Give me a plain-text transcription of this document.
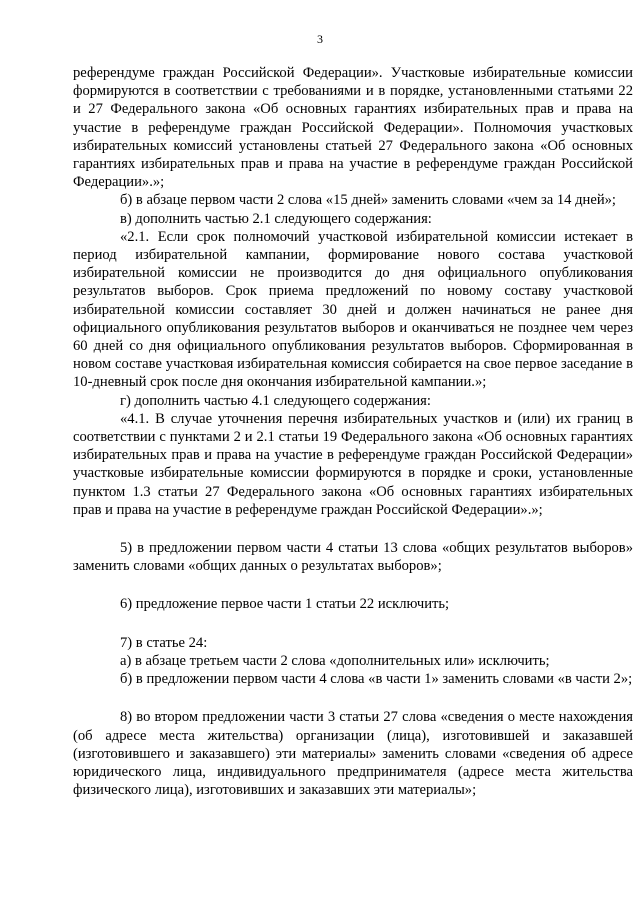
3

референдуме граждан Российской Федерации». Участковые избирательные комиссии формируются в соответствии с требованиями и в порядке, установленными статьями 22 и 27 Федерального закона «Об основных гарантиях избирательных прав и права на участие в референдуме граждан Российской Федерации». Полномочия участковых избирательных комиссий установлены статьей 27 Федерального закона «Об основных гарантиях избирательных прав и права на участие в референдуме граждан Российской Федерации».»;

б) в абзаце первом части 2 слова «15 дней» заменить словами «чем за 14 дней»;

в) дополнить частью 2.1 следующего содержания:

«2.1. Если срок полномочий участковой избирательной комиссии истекает в период избирательной кампании, формирование нового состава участковой избирательной комиссии не производится до дня официального опубликования результатов выборов. Срок приема предложений по новому составу участковой избирательной комиссии составляет 30 дней и должен начинаться не ранее дня официального опубликования результатов выборов и оканчиваться не позднее чем через 60 дней со дня официального опубликования результатов выборов. Сформированная в новом составе участковая избирательная комиссия собирается на свое первое заседание в 10-дневный срок после дня окончания избирательной кампании.»;

г) дополнить частью 4.1 следующего содержания:

«4.1. В случае уточнения перечня избирательных участков и (или) их границ в соответствии с пунктами 2 и 2.1 статьи 19 Федерального закона «Об основных гарантиях избирательных прав и права на участие в референдуме граждан Российской Федерации» участковые избирательные комиссии формируются в порядке и сроки, установленные пунктом 1.3 статьи 27 Федерального закона «Об основных гарантиях избирательных прав и права на участие в референдуме граждан Российской Федерации».»;

5) в предложении первом части 4 статьи 13 слова «общих результатов выборов» заменить словами «общих данных о результатах выборов»;

6) предложение первое части 1 статьи 22 исключить;

7) в статье 24:

а) в абзаце третьем части 2 слова «дополнительных или» исключить;

б) в предложении первом части 4 слова «в части 1» заменить словами «в части 2»;

8) во втором предложении части 3 статьи 27 слова «сведения о месте нахождения (об адресе места жительства) организации (лица), изготовившей и заказавшей (изготовившего и заказавшего) эти материалы» заменить словами «сведения об адресе юридического лица, индивидуального предпринимателя (адресе места жительства физического лица), изготовивших и заказавших эти материалы»;
